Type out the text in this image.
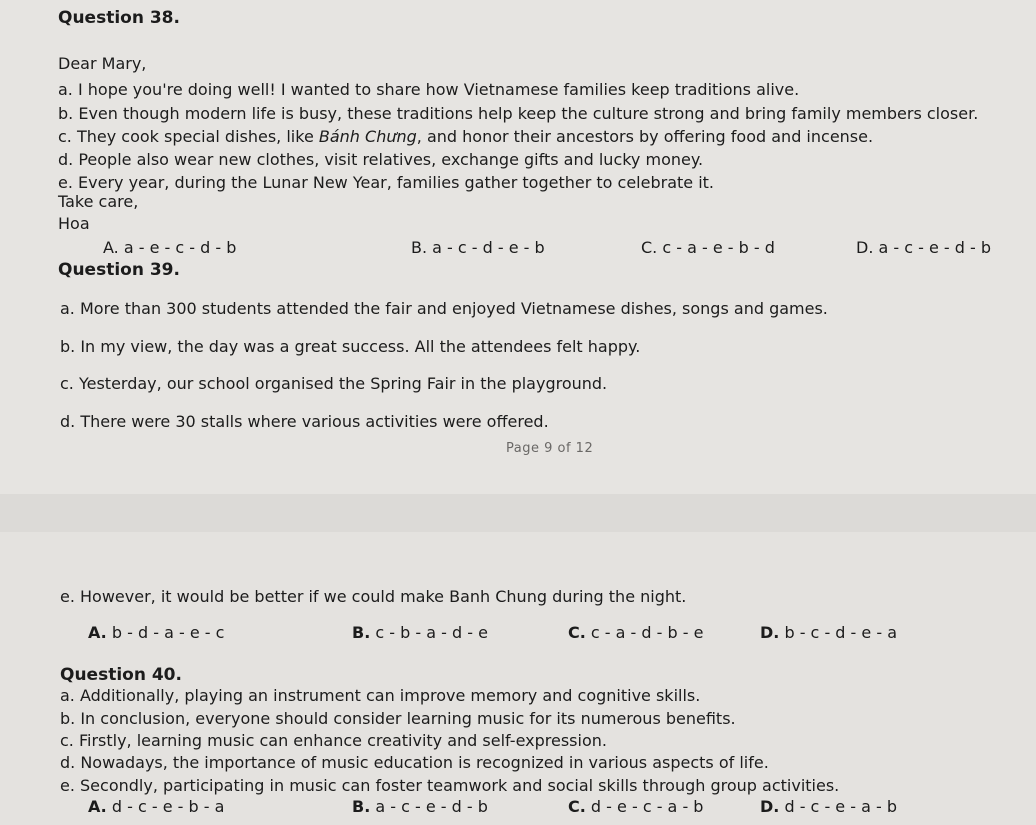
Question 38.
Dear Mary,
a. I hope you're doing well! I wanted to share how Vietnamese families keep traditions alive.
b. Even though modern life is busy, these traditions help keep the culture strong and bring family members closer.
c. They cook special dishes, like Bánh Chưng, and honor their ancestors by offering food and incense.
d. People also wear new clothes, visit relatives, exchange gifts and lucky money.
e. Every year, during the Lunar New Year, families gather together to celebrate it.
Take care,
Hoa
A. a - e - c - d - b	B. a - c - d - e - b	C. c - a - e - b - d	D. a - c - e - d - b
Question 39.
a. More than 300 students attended the fair and enjoyed Vietnamese dishes, songs and games.
b. In my view, the day was a great success. All the attendees felt happy.
c. Yesterday, our school organised the Spring Fair in the playground.
d. There were 30 stalls where various activities were offered.
Page 9 of 12
e. However, it would be better if we could make Banh Chung during the night.
A. b - d - a - e - c	B. c - b - a - d - e	C. c - a - d - b - e	D. b - c - d - e - a
Question 40.
a. Additionally, playing an instrument can improve memory and cognitive skills.
b. In conclusion, everyone should consider learning music for its numerous benefits.
c. Firstly, learning music can enhance creativity and self-expression.
d. Nowadays, the importance of music education is recognized in various aspects of life.
e. Secondly, participating in music can foster teamwork and social skills through group activities.
A. d - c - e - b - a	B. a - c - e - d - b	C. d - e - c - a - b	D. d - c - e - a - b
